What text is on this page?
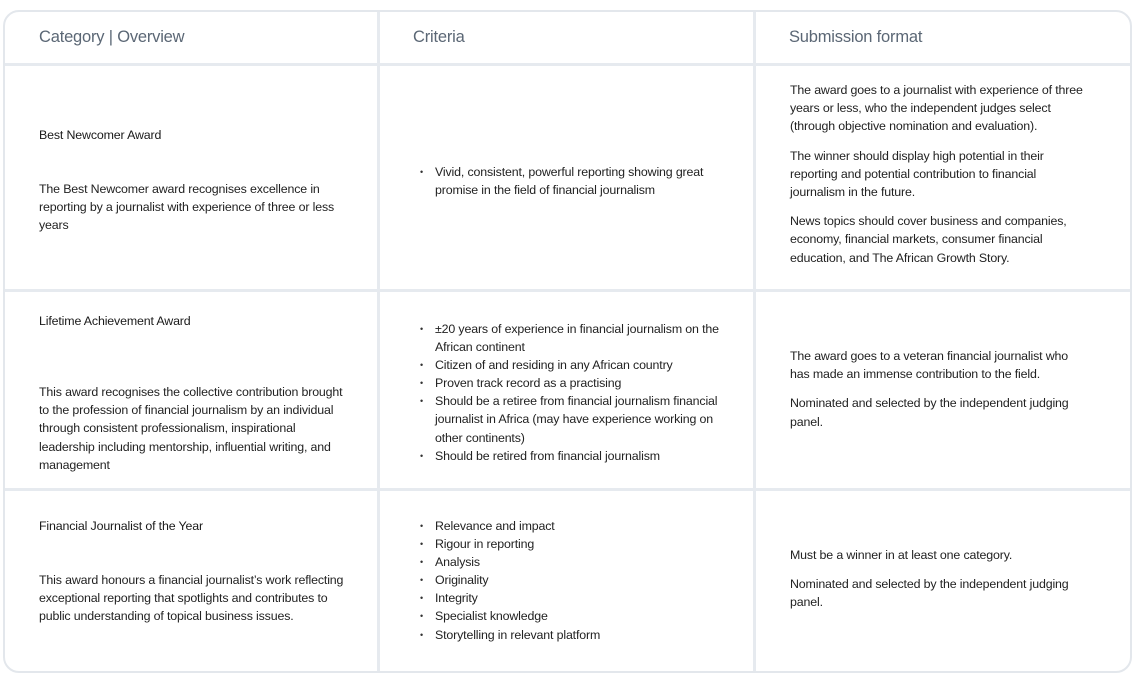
Category | Overview	Criteria	Submission format
Best Newcomer Award
The Best Newcomer award recognises excellence in reporting by a journalist with experience of three or less years
• Vivid, consistent, powerful reporting showing great promise in the field of financial journalism

The award goes to a journalist with experience of three years or less, who the independent judges select (through objective nomination and evaluation).

The winner should display high potential in their reporting and potential contribution to financial journalism in the future.

News topics should cover business and companies, economy, financial markets, consumer financial education, and The African Growth Story.

Lifetime Achievement Award
This award recognises the collective contribution brought to the profession of financial journalism by an individual through consistent professionalism, inspirational leadership including mentorship, influential writing, and management
• ±20 years of experience in financial journalism on the African continent
• Citizen of and residing in any African country
• Proven track record as a practising
• Should be a retiree from financial journalism financial journalist in Africa (may have experience working on other continents)
• Should be retired from financial journalism

The award goes to a veteran financial journalist who has made an immense contribution to the field.

Nominated and selected by the independent judging panel.

Financial Journalist of the Year
This award honours a financial journalist’s work reflecting exceptional reporting that spotlights and contributes to public understanding of topical business issues.
• Relevance and impact
• Rigour in reporting
• Analysis
• Originality
• Integrity
• Specialist knowledge
• Storytelling in relevant platform

Must be a winner in at least one category.

Nominated and selected by the independent judging panel.
